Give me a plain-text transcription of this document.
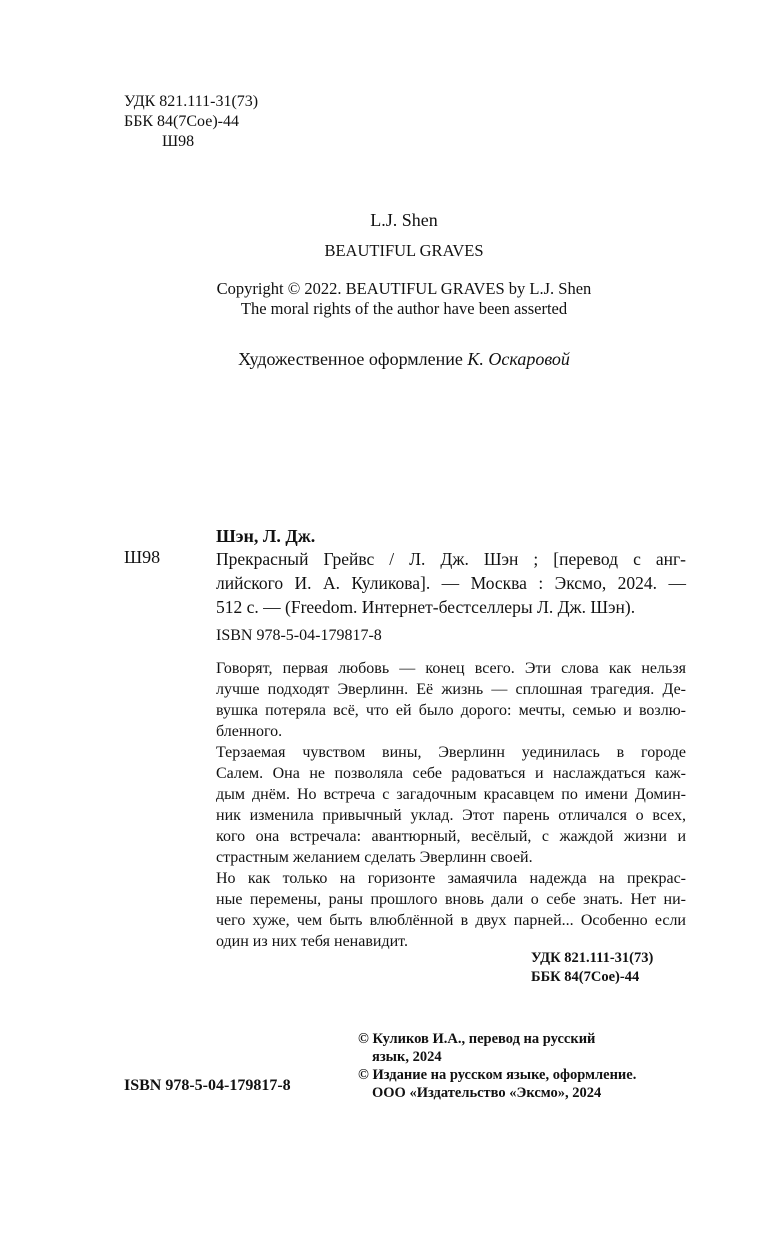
УДК 821.111-31(73)
ББК 84(7Сое)-44
Ш98
L.J. Shen
BEAUTIFUL GRAVES
Copyright © 2022. BEAUTIFUL GRAVES by L.J. Shen
The moral rights of the author have been asserted
Художественное оформление К. Оскаровой
Шэн, Л. Дж.
Ш98	Прекрасный Грейвс / Л. Дж. Шэн ; [перевод с анг-
лийского И. А. Куликова]. — Москва : Эксмо, 2024. —
512 с. — (Freedom. Интернет-бестселлеры Л. Дж. Шэн).
ISBN 978-5-04-179817-8
Говорят, первая любовь — конец всего. Эти слова как нельзя
лучше подходят Эверлинн. Её жизнь — сплошная трагедия. Де-
вушка потеряла всё, что ей было дорого: мечты, семью и возлю-
бленного.
Терзаемая чувством вины, Эверлинн уединилась в городе
Салем. Она не позволяла себе радоваться и наслаждаться каж-
дым днём. Но встреча с загадочным красавцем по имени Домин-
ник изменила привычный уклад. Этот парень отличался о всех,
кого она встречала: авантюрный, весёлый, с жаждой жизни и
страстным желанием сделать Эверлинн своей.
Но как только на горизонте замаячила надежда на прекрас-
ные перемены, раны прошлого вновь дали о себе знать. Нет ни-
чего хуже, чем быть влюблённой в двух парней... Особенно если
один из них тебя ненавидит.
УДК 821.111-31(73)
ББК 84(7Сое)-44
© Куликов И.А., перевод на русский
язык, 2024
© Издание на русском языке, оформление.
ООО «Издательство «Эксмо», 2024
ISBN 978-5-04-179817-8
